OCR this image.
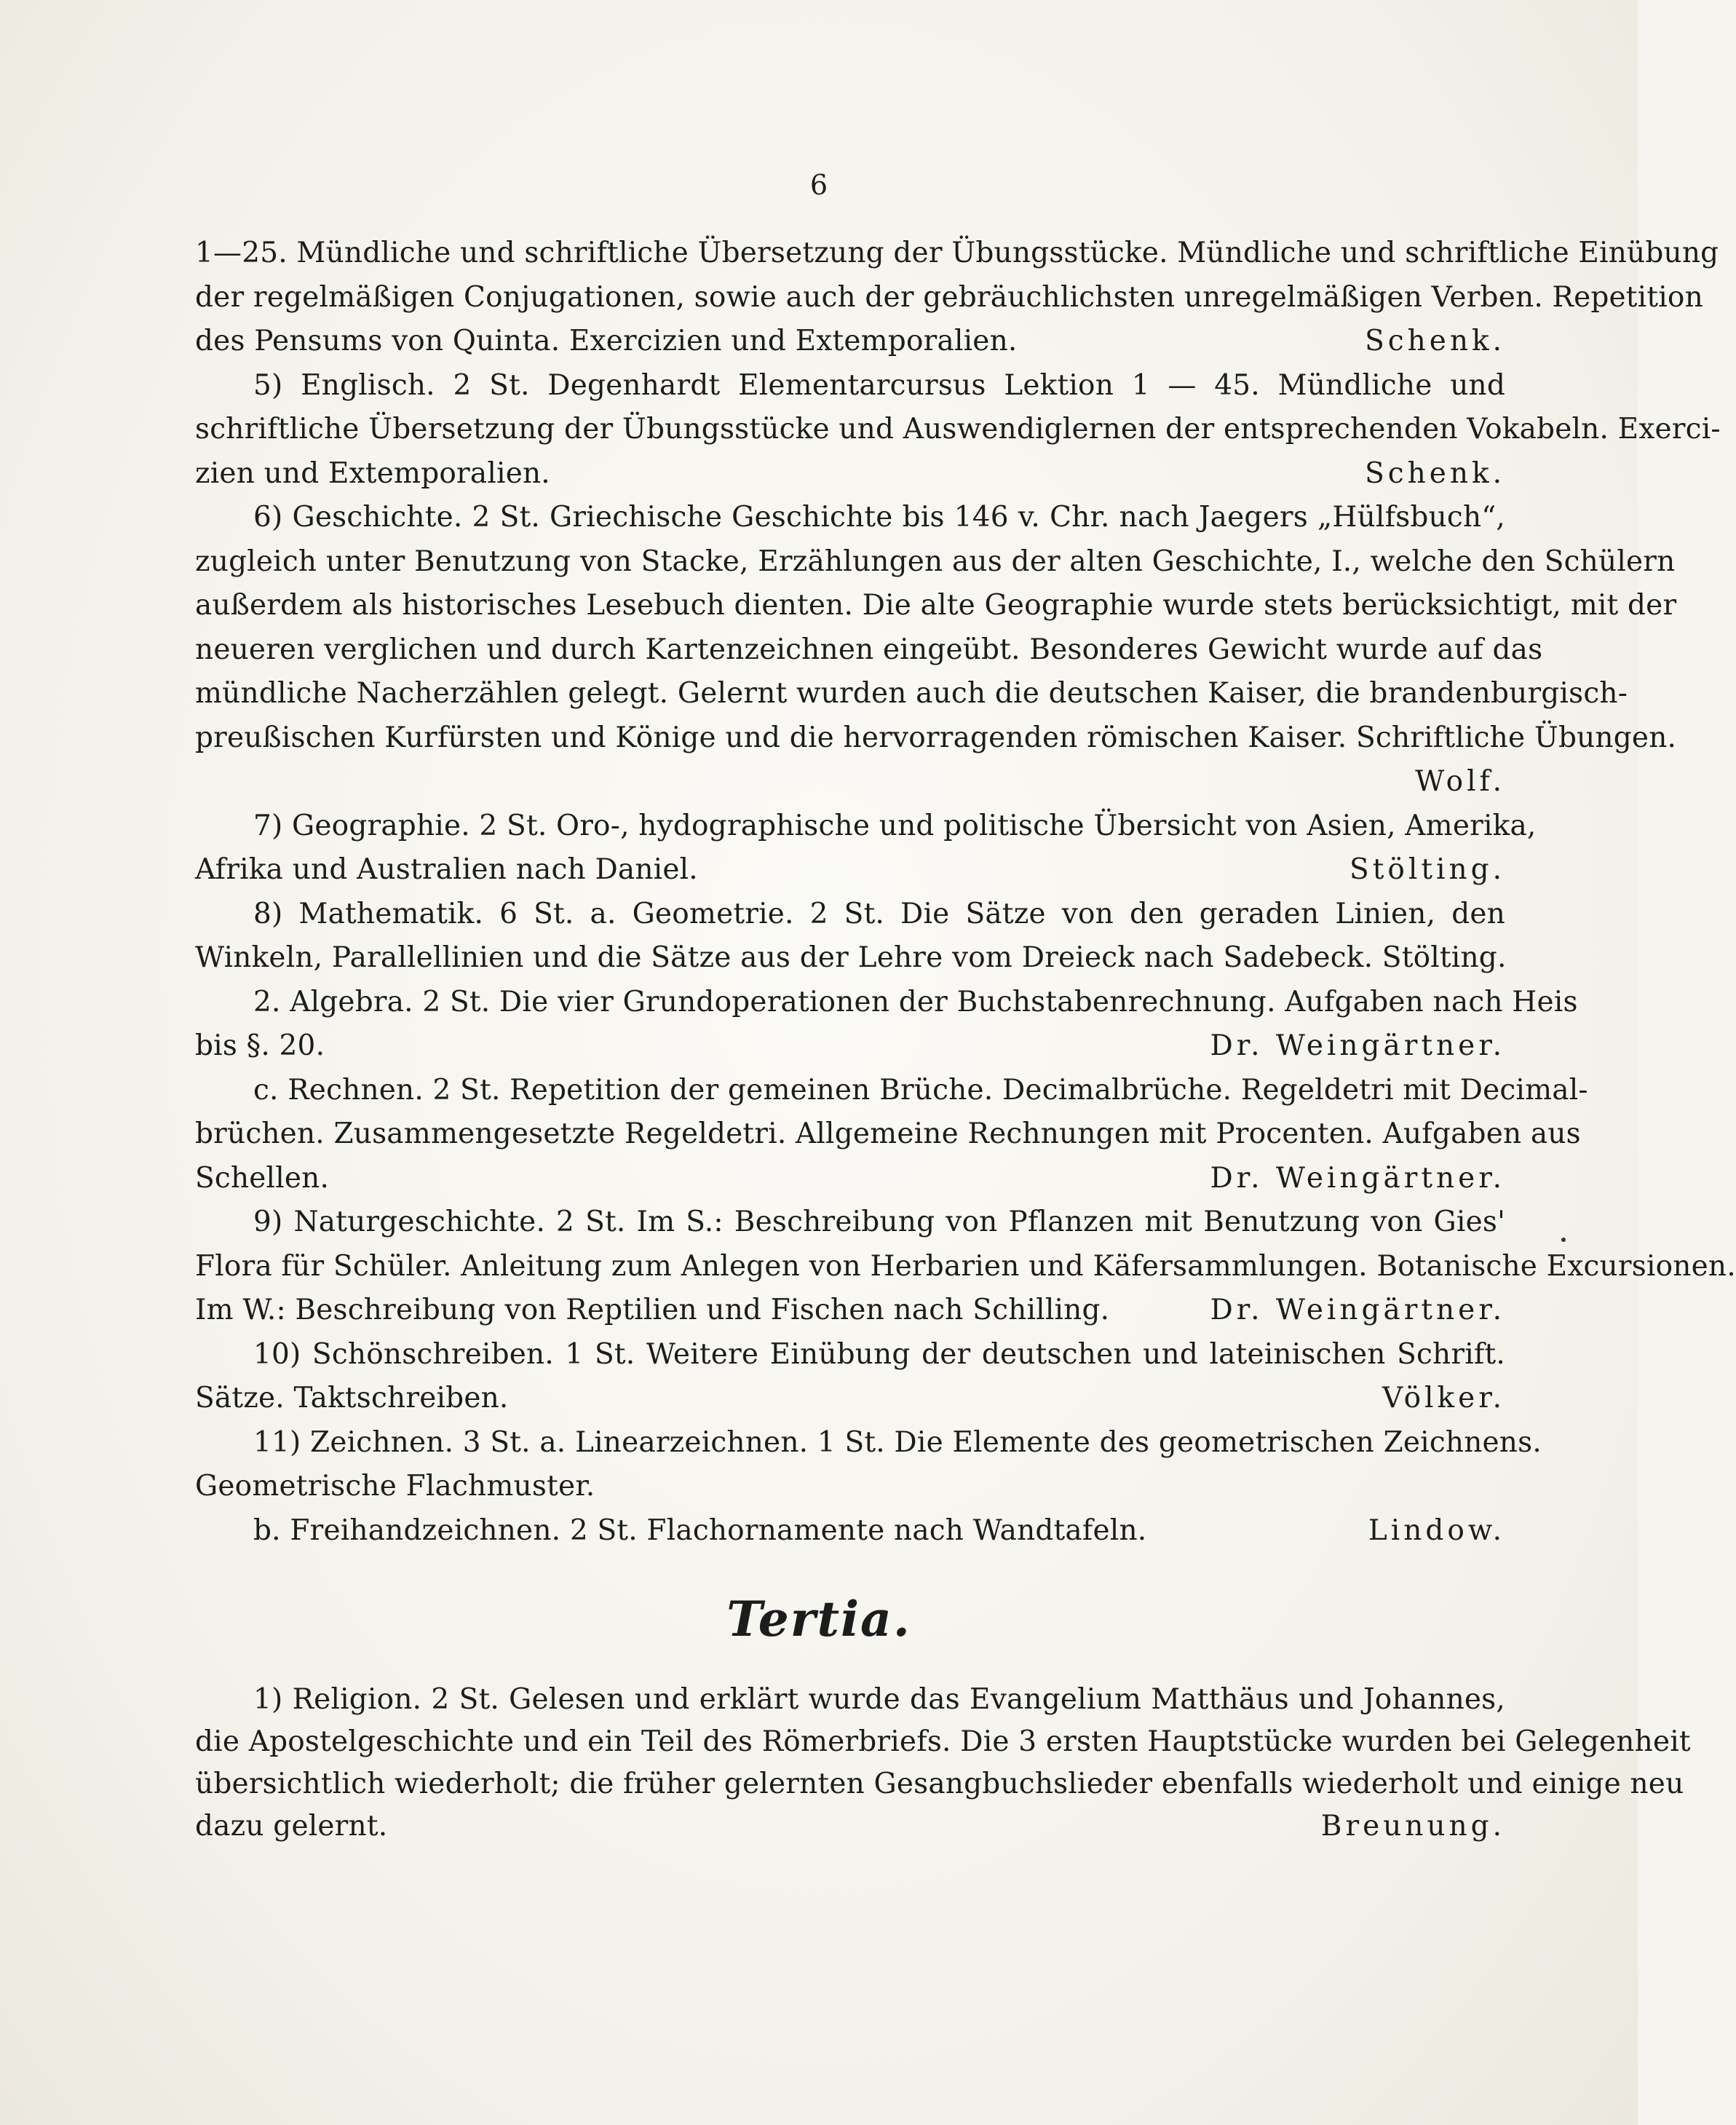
6
1—25. Mündliche und schriftliche Übersetzung der Übungsstücke. Mündliche und schriftliche Einübung
der regelmäßigen Conjugationen, sowie auch der gebräuchlichsten unregelmäßigen Verben. Repetition
des Pensums von Quinta. Exercizien und Extemporalien.	Schenk.
5) Englisch. 2 St. Degenhardt Elementarcursus Lektion 1 — 45. Mündliche und
schriftliche Übersetzung der Übungsstücke und Auswendiglernen der entsprechenden Vokabeln. Exerci-
zien und Extemporalien.	Schenk.
6) Geschichte. 2 St. Griechische Geschichte bis 146 v. Chr. nach Jaegers „Hülfsbuch“,
zugleich unter Benutzung von Stacke, Erzählungen aus der alten Geschichte, I., welche den Schülern
außerdem als historisches Lesebuch dienten. Die alte Geographie wurde stets berücksichtigt, mit der
neueren verglichen und durch Kartenzeichnen eingeübt. Besonderes Gewicht wurde auf das
mündliche Nacherzählen gelegt. Gelernt wurden auch die deutschen Kaiser, die brandenburgisch-
preußischen Kurfürsten und Könige und die hervorragenden römischen Kaiser. Schriftliche Übungen.
Wolf.
7) Geographie. 2 St. Oro-, hydographische und politische Übersicht von Asien, Amerika,
Afrika und Australien nach Daniel.	Stölting.
8) Mathematik. 6 St. a. Geometrie. 2 St. Die Sätze von den geraden Linien, den
Winkeln, Parallellinien und die Sätze aus der Lehre vom Dreieck nach Sadebeck. Stölting.
2. Algebra. 2 St. Die vier Grundoperationen der Buchstabenrechnung. Aufgaben nach Heis
bis §. 20.	Dr. Weingärtner.
c. Rechnen. 2 St. Repetition der gemeinen Brüche. Decimalbrüche. Regeldetri mit Decimal-
brüchen. Zusammengesetzte Regeldetri. Allgemeine Rechnungen mit Procenten. Aufgaben aus
Schellen.	Dr. Weingärtner.
9) Naturgeschichte. 2 St. Im S.: Beschreibung von Pflanzen mit Benutzung von Gies'
Flora für Schüler. Anleitung zum Anlegen von Herbarien und Käfersammlungen. Botanische Excursionen.
Im W.: Beschreibung von Reptilien und Fischen nach Schilling.	Dr. Weingärtner.
10) Schönschreiben. 1 St. Weitere Einübung der deutschen und lateinischen Schrift.
Sätze. Taktschreiben.	Völker.
11) Zeichnen. 3 St. a. Linearzeichnen. 1 St. Die Elemente des geometrischen Zeichnens.
Geometrische Flachmuster.
b. Freihandzeichnen. 2 St. Flachornamente nach Wandtafeln.	Lindow.
Tertia.
1) Religion. 2 St. Gelesen und erklärt wurde das Evangelium Matthäus und Johannes,
die Apostelgeschichte und ein Teil des Römerbriefs. Die 3 ersten Hauptstücke wurden bei Gelegenheit
übersichtlich wiederholt; die früher gelernten Gesangbuchslieder ebenfalls wiederholt und einige neu
dazu gelernt.	Breunung.
